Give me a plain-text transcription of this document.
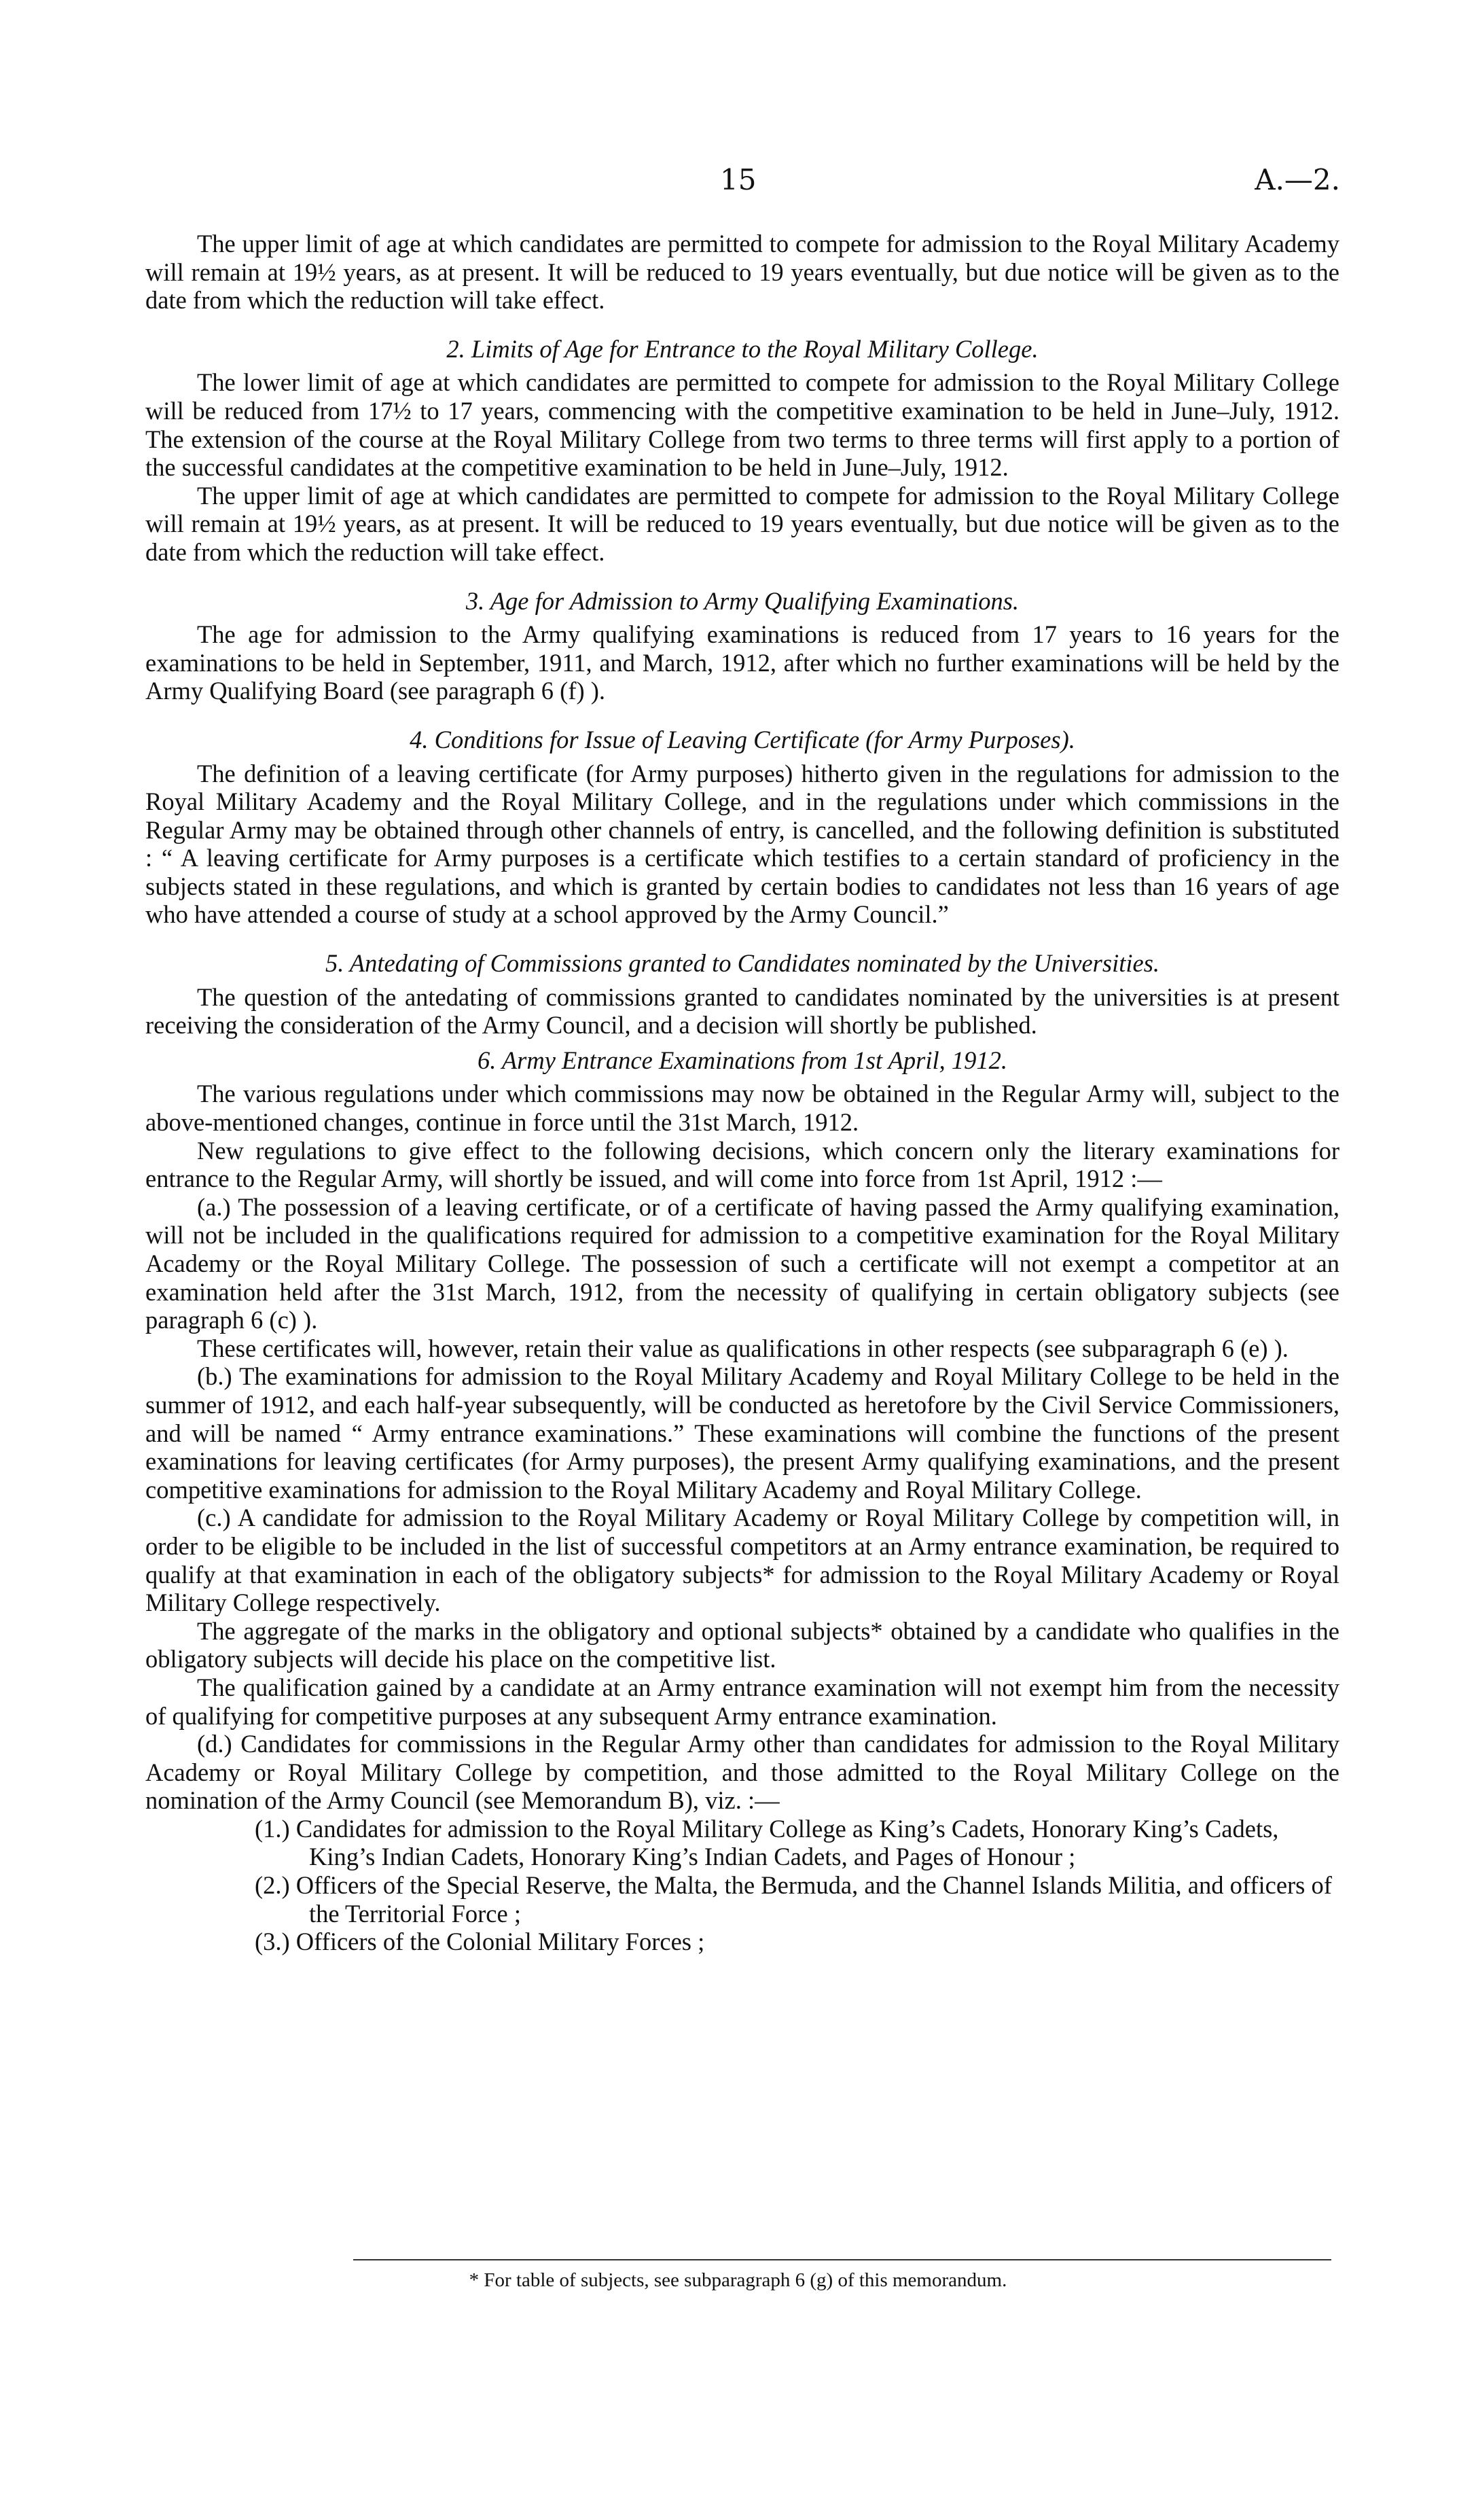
15	A.—2.

The upper limit of age at which candidates are permitted to compete for admission to the Royal Military Academy will remain at 19½ years, as at present. It will be reduced to 19 years eventually, but due notice will be given as to the date from which the reduction will take effect.

2. Limits of Age for Entrance to the Royal Military College.

The lower limit of age at which candidates are permitted to compete for admission to the Royal Military College will be reduced from 17½ to 17 years, commencing with the competitive examination to be held in June–July, 1912. The extension of the course at the Royal Military College from two terms to three terms will first apply to a portion of the successful candidates at the competitive examination to be held in June–July, 1912.

The upper limit of age at which candidates are permitted to compete for admission to the Royal Military College will remain at 19½ years, as at present. It will be reduced to 19 years eventually, but due notice will be given as to the date from which the reduction will take effect.

3. Age for Admission to Army Qualifying Examinations.

The age for admission to the Army qualifying examinations is reduced from 17 years to 16 years for the examinations to be held in September, 1911, and March, 1912, after which no further examinations will be held by the Army Qualifying Board (see paragraph 6 (f) ).

4. Conditions for Issue of Leaving Certificate (for Army Purposes).

The definition of a leaving certificate (for Army purposes) hitherto given in the regulations for admission to the Royal Military Academy and the Royal Military College, and in the regulations under which commissions in the Regular Army may be obtained through other channels of entry, is cancelled, and the following definition is substituted : “ A leaving certificate for Army purposes is a certificate which testifies to a certain standard of proficiency in the subjects stated in these regulations, and which is granted by certain bodies to candidates not less than 16 years of age who have attended a course of study at a school approved by the Army Council.”

5. Antedating of Commissions granted to Candidates nominated by the Universities.

The question of the antedating of commissions granted to candidates nominated by the universities is at present receiving the consideration of the Army Council, and a decision will shortly be published.

6. Army Entrance Examinations from 1st April, 1912.

The various regulations under which commissions may now be obtained in the Regular Army will, subject to the above-mentioned changes, continue in force until the 31st March, 1912.

New regulations to give effect to the following decisions, which concern only the literary examinations for entrance to the Regular Army, will shortly be issued, and will come into force from 1st April, 1912 :—

(a.) The possession of a leaving certificate, or of a certificate of having passed the Army qualifying examination, will not be included in the qualifications required for admission to a competitive examination for the Royal Military Academy or the Royal Military College. The possession of such a certificate will not exempt a competitor at an examination held after the 31st March, 1912, from the necessity of qualifying in certain obligatory subjects (see paragraph 6 (c) ).

These certificates will, however, retain their value as qualifications in other respects (see subparagraph 6 (e) ).

(b.) The examinations for admission to the Royal Military Academy and Royal Military College to be held in the summer of 1912, and each half-year subsequently, will be conducted as heretofore by the Civil Service Commissioners, and will be named “ Army entrance examinations.” These examinations will combine the functions of the present examinations for leaving certificates (for Army purposes), the present Army qualifying examinations, and the present competitive examinations for admission to the Royal Military Academy and Royal Military College.

(c.) A candidate for admission to the Royal Military Academy or Royal Military College by competition will, in order to be eligible to be included in the list of successful competitors at an Army entrance examination, be required to qualify at that examination in each of the obligatory subjects* for admission to the Royal Military Academy or Royal Military College respectively.

The aggregate of the marks in the obligatory and optional subjects* obtained by a candidate who qualifies in the obligatory subjects will decide his place on the competitive list.

The qualification gained by a candidate at an Army entrance examination will not exempt him from the necessity of qualifying for competitive purposes at any subsequent Army entrance examination.

(d.) Candidates for commissions in the Regular Army other than candidates for admission to the Royal Military Academy or Royal Military College by competition, and those admitted to the Royal Military College on the nomination of the Army Council (see Memorandum B), viz. :—

(1.) Candidates for admission to the Royal Military College as King’s Cadets, Honorary King’s Cadets, King’s Indian Cadets, Honorary King’s Indian Cadets, and Pages of Honour ;

(2.) Officers of the Special Reserve, the Malta, the Bermuda, and the Channel Islands Militia, and officers of the Territorial Force ;

(3.) Officers of the Colonial Military Forces ;

* For table of subjects, see subparagraph 6 (g) of this memorandum.
